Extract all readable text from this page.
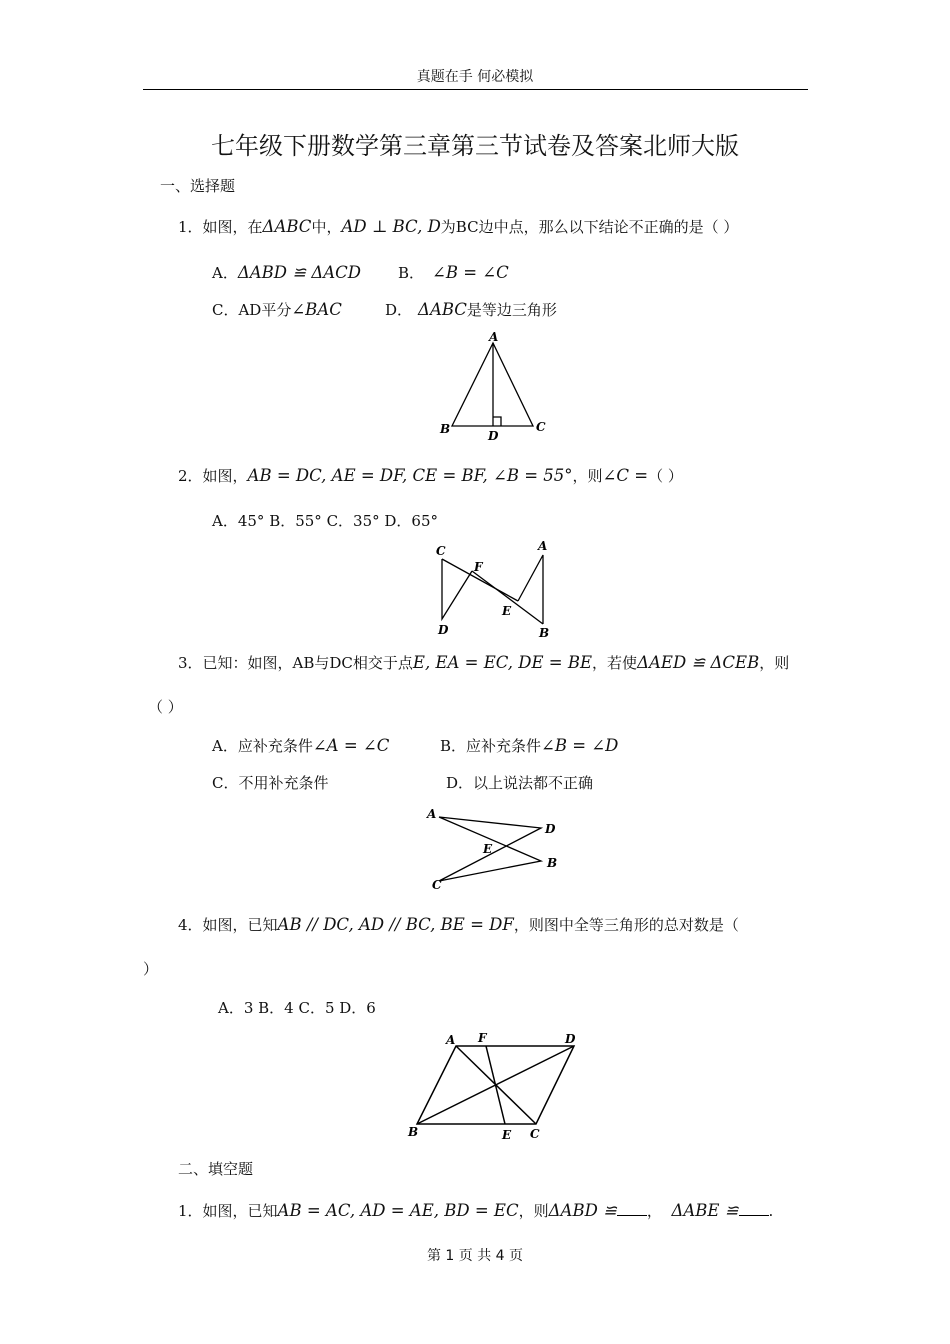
真题在手 何必模拟
七年级下册数学第三章第三节试卷及答案北师大版
一、选择题
1．如图，在ΔABC中，AD ⊥ BC, D为BC边中点，那么以下结论不正确的是（ ）
A．ΔABD ≌ ΔACD B． ∠B = ∠C
C．AD平分∠BAC	D． ΔABC是等边三角形
A
B	C
D
2．如图，AB = DC, AE = DF, CE = BF, ∠B = 55°，则∠C =（ ）
A．45° B．55° C．35° D．65°
C
F
A
E
D	B
3．已知：如图，AB与DC相交于点E, EA = EC, DE = BE，若使ΔAED ≌ ΔCEB，则
（ ）
A．应补充条件∠A = ∠C	B．应补充条件∠B = ∠D
C．不用补充条件	D．以上说法都不正确
A
D
E
B
C
4．如图，已知AB // DC, AD // BC, BE = DF，则图中全等三角形的总对数是（
）
A．3 B．4 C．5 D．6
A F	D
B	E C
二、填空题
1．如图，已知AB = AC, AD = AE, BD = EC，则ΔABD ≌ ， ΔABE ≌ .
第 1 页 共 4 页
